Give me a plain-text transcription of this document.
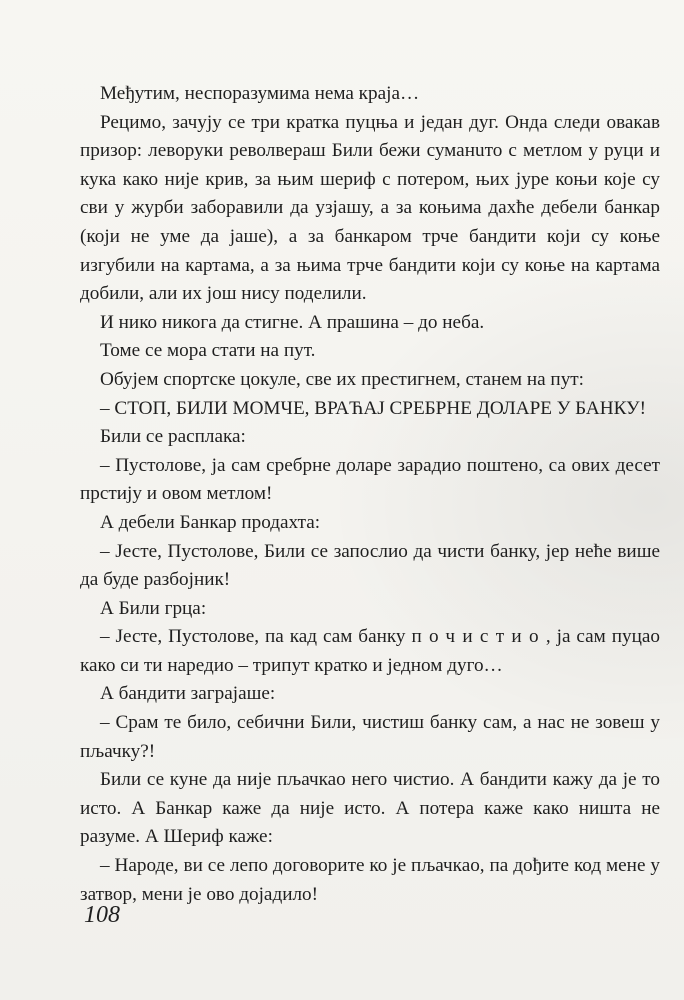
Међутим, неспоразумима нема краја…

Рецимо, зачују се три кратка пуцња и један дуг. Онда следи овакав призор: леворуки револвераш Били бежи суманuто с метлом у руци и кука како није крив, за њим шериф с потером, њих јуре коњи које су сви у журби заборавили да узјашу, а за коњима дахће дебели банкар (који не уме да јаше), а за банкаром трче бандити који су коње изгубили на картама, а за њима трче бандити који су коње на картама добили, али их још нису поделили.

И нико никога да стигне. А прашина – до неба.

Томе се мора стати на пут.

Обујем спортске цокуле, све их престигнем, станем на пут:

– СТОП, БИЛИ МОМЧЕ, ВРАЋАЈ СРЕБРНЕ ДОЛАРЕ У БАНКУ!

Били се расплака:

– Пустолове, ја сам сребрне доларе зарадио поштено, са ових десет прстију и овом метлом!

А дебели Банкар продахта:

– Јесте, Пустолове, Били се запослио да чисти банку, јер неће више да буде разбојник!

А Били грца:

– Јесте, Пустолове, па кад сам банку почистио, ја сам пуцао како си ти наредио – трипут кратко и једном дуго…

А бандити заграјаше:

– Срам те било, себични Били, чистиш банку сам, а нас не зовеш у пљачку?!

Били се куне да није пљачкао него чистио. А бандити кажу да је то исто. А Банкар каже да није исто. А потера каже како ништа не разуме. А Шериф каже:

– Народе, ви се лепо договорите ко је пљачкао, па дођите код мене у затвор, мени је ово дојадило!

108
